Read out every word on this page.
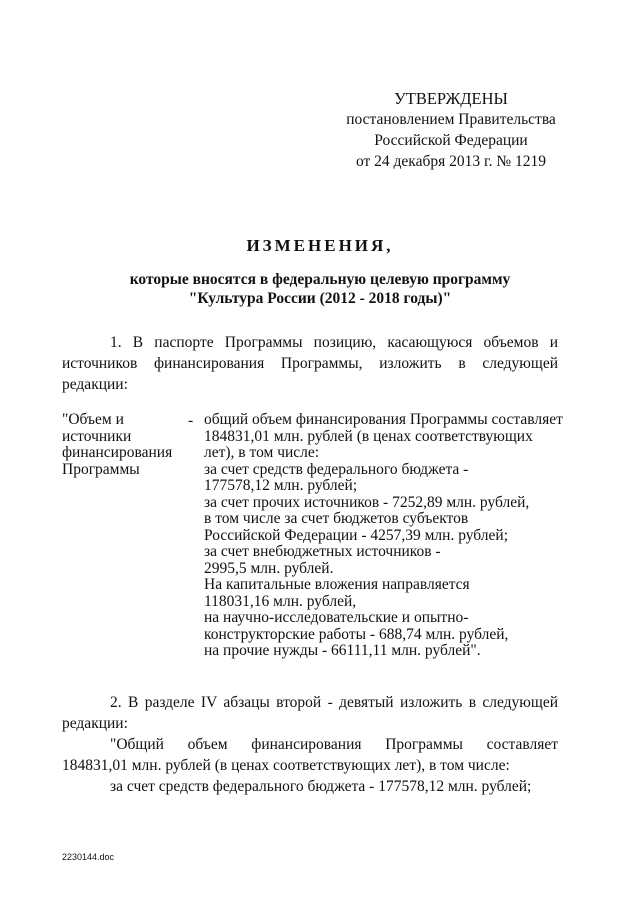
УТВЕРЖДЕНЫ
постановлением Правительства
Российской Федерации
от 24 декабря 2013 г. № 1219
ИЗМЕНЕНИЯ,
которые вносятся в федеральную целевую программу
"Культура России (2012 - 2018 годы)"
1. В паспорте Программы позицию, касающуюся объемов и
источников финансирования Программы, изложить в следующей
редакции:
"Объем и
источники
финансирования
Программы
- общий объем финансирования Программы составляет
184831,01 млн. рублей (в ценах соответствующих
лет), в том числе:
за счет средств федерального бюджета -
177578,12 млн. рублей;
за счет прочих источников - 7252,89 млн. рублей,
в том числе за счет бюджетов субъектов
Российской Федерации - 4257,39 млн. рублей;
за счет внебюджетных источников -
2995,5 млн. рублей.
На капитальные вложения направляется
118031,16 млн. рублей,
на научно-исследовательские и опытно-
конструкторские работы - 688,74 млн. рублей,
на прочие нужды - 66111,11 млн. рублей".
2. В разделе IV абзацы второй - девятый изложить в следующей
редакции:
"Общий объем финансирования Программы составляет
184831,01 млн. рублей (в ценах соответствующих лет), в том числе:
за счет средств федерального бюджета - 177578,12 млн. рублей;
2230144.doc
